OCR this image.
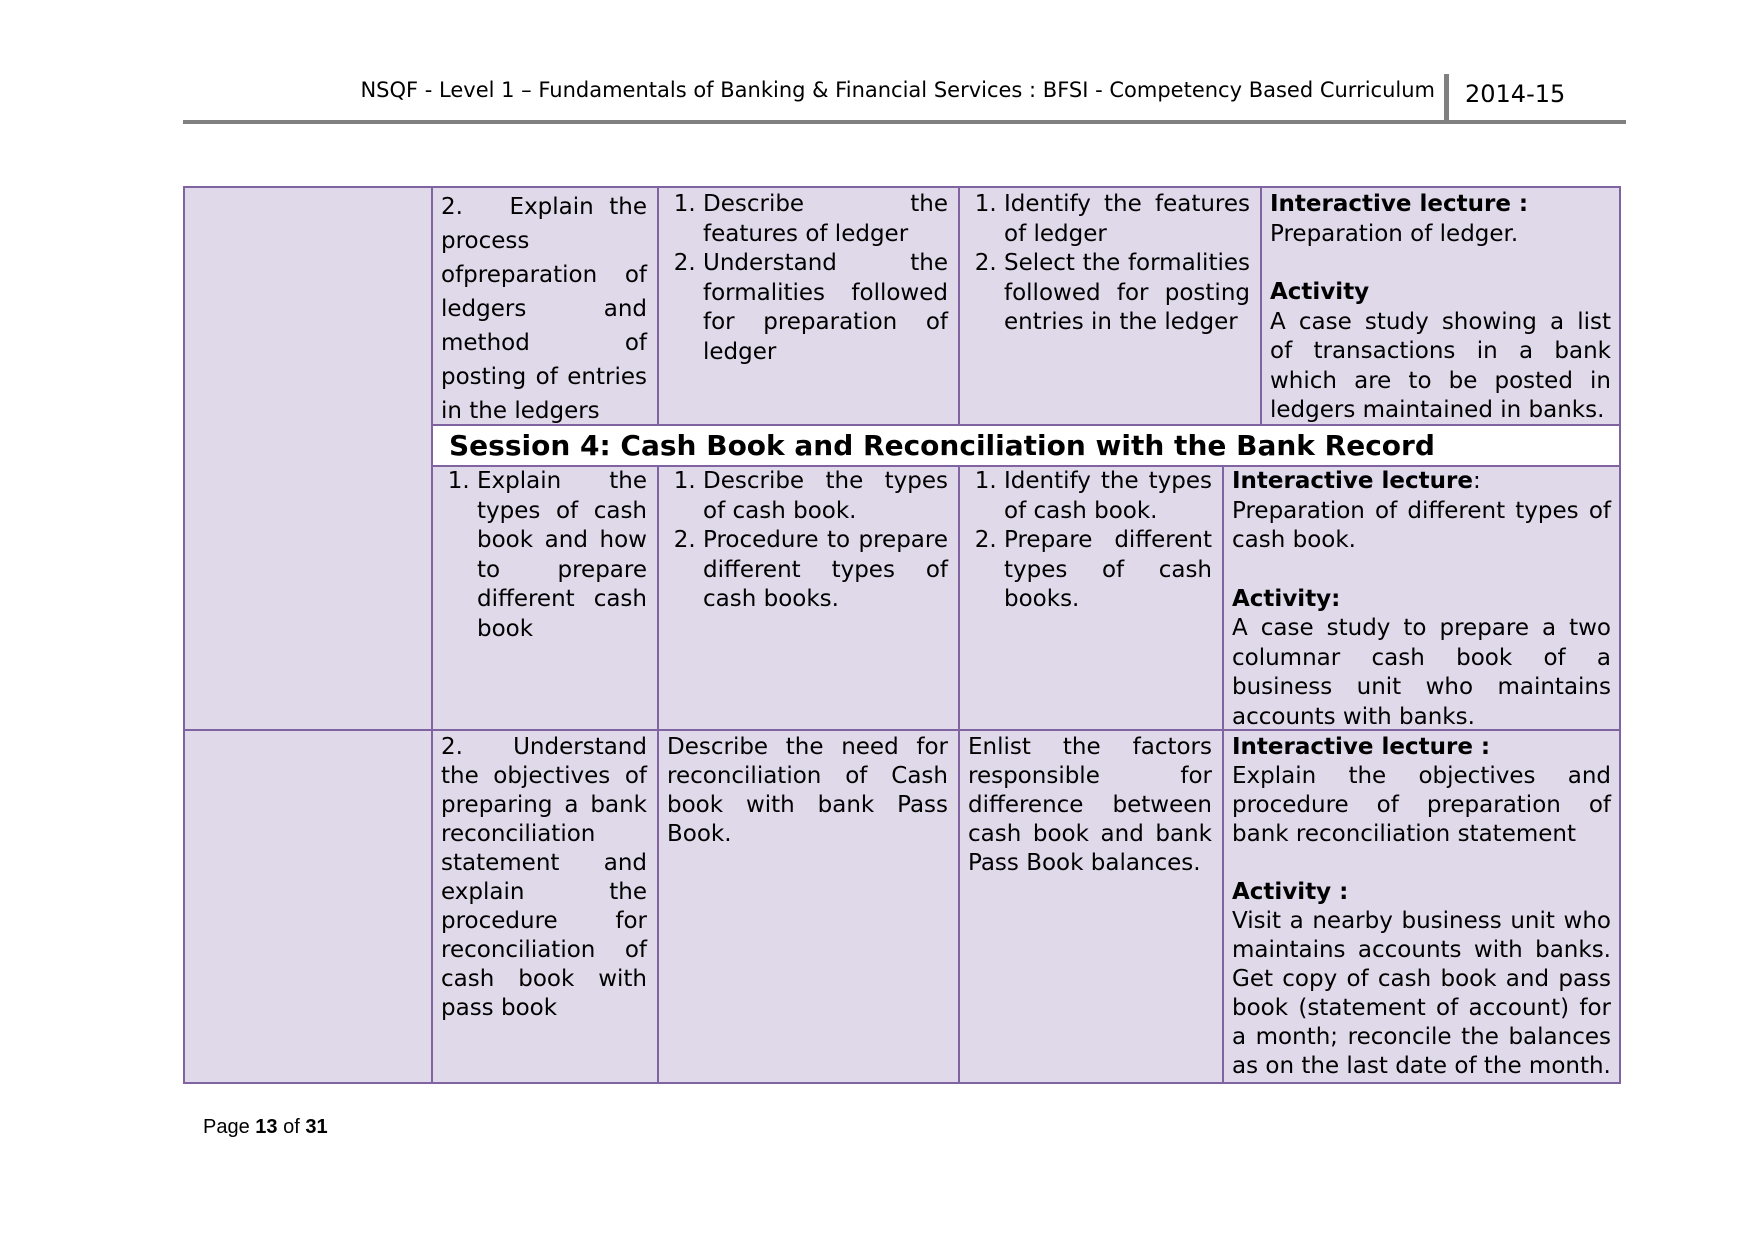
NSQF - Level 1 – Fundamentals of Banking & Financial Services : BFSI - Competency Based Curriculum 2014-15
Session 4: Cash Book and Reconciliation with the Bank Record
2. Explain the process ofpreparation of ledgers and method of posting of entries in the ledgers
1. Describe the features of ledger
2. Understand the formalities followed for preparation of ledger
1. Identify the features of ledger
2. Select the formalities followed for posting entries in the ledger
Interactive lecture :
Preparation of ledger.
Activity
A case study showing a list of transactions in a bank which are to be posted in ledgers maintained in banks.
1. Explain the types of cash book and how to prepare different cash book
1. Describe the types of cash book.
2. Procedure to prepare different types of cash books.
1. Identify the types of cash book.
2. Prepare different types of cash books.
Interactive lecture:
Preparation of different types of cash book.
Activity:
A case study to prepare a two columnar cash book of a business unit who maintains accounts with banks.
2. Understand the objectives of preparing a bank reconciliation statement and explain the procedure for reconciliation of cash book with pass book
Describe the need for reconciliation of Cash book with bank Pass Book.
Enlist the factors responsible for difference between cash book and bank Pass Book balances.
Interactive lecture :
Explain the objectives and procedure of preparation of bank reconciliation statement
Activity :
Visit a nearby business unit who maintains accounts with banks. Get copy of cash book and pass book (statement of account) for a month; reconcile the balances as on the last date of the month.
Page 13 of 31
